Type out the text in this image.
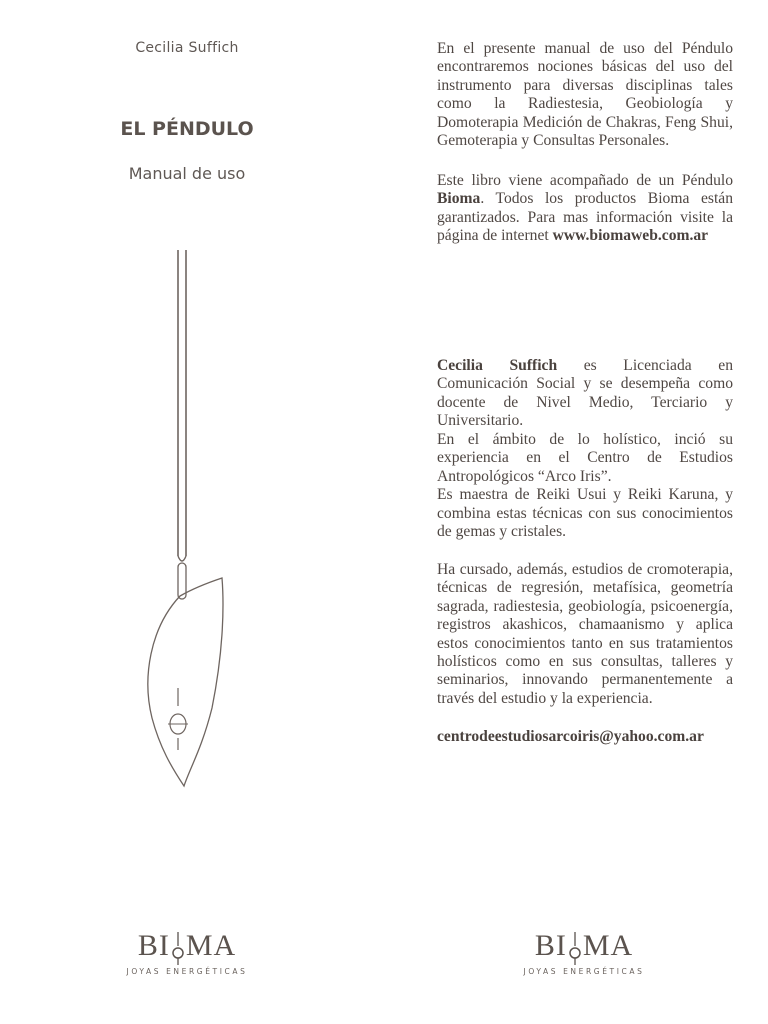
Cecilia Suffich
EL PÉNDULO
Manual de uso

En el presente manual de uso del Péndulo encontraremos nociones básicas del uso del instrumento para diversas disciplinas tales como la Radiestesia, Geobiología y Domoterapia Medición de Chakras, Feng Shui, Gemoterapia y Consultas Personales.

Este libro viene acompañado de un Péndulo Bioma. Todos los productos Bioma están garantizados. Para mas información visite la página de internet www.biomaweb.com.ar

Cecilia Suffich es Licenciada en Comunicación Social y se desempeña como docente de Nivel Medio, Terciario y Universitario.

En el ámbito de lo holístico, inció su experiencia en el Centro de Estudios Antropológicos “Arco Iris”.

Es maestra de Reiki Usui y Reiki Karuna, y combina estas técnicas con sus conocimientos de gemas y cristales.

Ha cursado, además, estudios de cromoterapia, técnicas de regresión, metafísica, geometría sagrada, radiestesia, geobiología, psicoenergía, registros akashicos, chamaanismo y aplica estos conocimientos tanto en sus tratamientos holísticos como en sus consultas, talleres y seminarios, innovando permanentemente a través del estudio y la experiencia.

centrodeestudiosarcoiris@yahoo.com.ar
BI MA
JOYAS ENERGÉTICAS
BI MA
JOYAS ENERGÉTICAS
